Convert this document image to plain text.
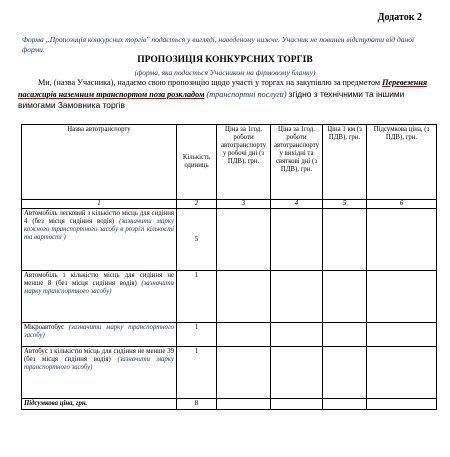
Додаток 2
Форма „Пропозиція конкурсних торгів" подається у вигляді, наведеному нижче. Учасник не повинен відступати від даної форми.
ПРОПОЗИЦІЯ КОНКУРСНИХ ТОРГІВ
(форма, яка подається Учасником на фірмовому бланку)
Ми, (назва Учасника), надаємо свою пропозицію щодо участі у торгах на закупівлю за предметом Перевезення пасажирів наземним транспортом поза розкладом (транспортні послуги) згідно з технічними та іншими вимогами Замовника торгів
Назва автотранспорту	Кількість одиниць	Ціна за 1год. роботи автотранспорту у робочі дні (з ПДВ), грн.	Ціна за 1год. роботи автотранспорту у вихідні та святкові дні (з ПДВ), грн.	Ціна 1 км (з ПДВ), грн.	Підсумкова ціна, (з ПДВ), грн.
1	2	3	4	5	6
Автомобіль легковий з кількістю місць для сидіння 4 (без місця сидіння водія) (зазначити марку кожного транспортного засобу в розрізі кількості та вартості )	5				
Автомобіль з кількістю місць для сидіння не менше 8 (без місця сидіння водія) (зазначити марку транспортного засобу)	1				
Мікроавтобус (зазначити марку транспортного засобу)	1				
Автобус з кількістю місць для сидіння не менше 39 (без місця сидіння водія) (зазначити марку транспортного засобу)	1				
Підсумкова ціна, грн.	8				
